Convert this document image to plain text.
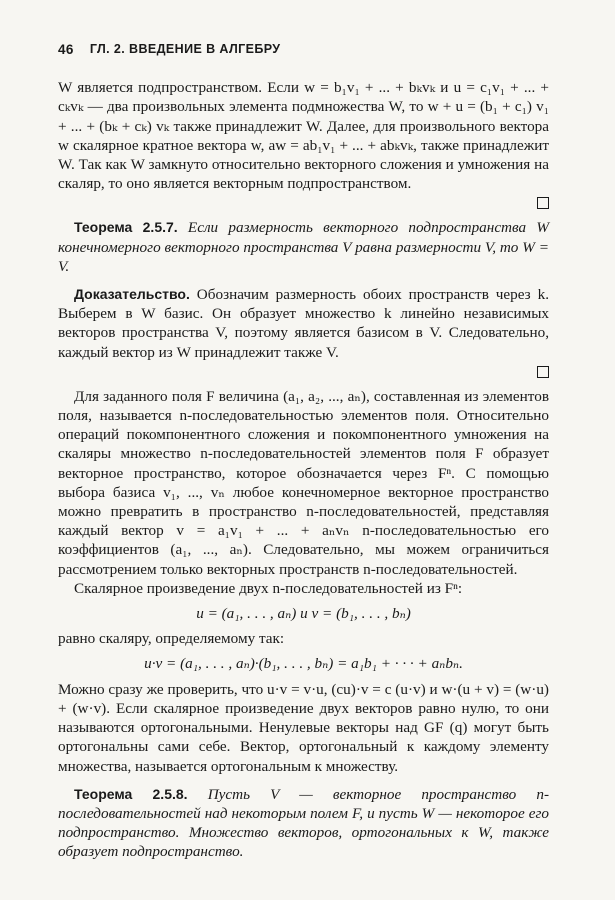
46 ГЛ. 2. ВВЕДЕНИЕ В АЛГЕБРУ

W является подпространством. Если w = b₁v₁ + ... + bₖvₖ и u = c₁v₁ + ... + cₖvₖ — два произвольных элемента подмножества W, то w + u = (b₁ + c₁) v₁ + ... + (bₖ + cₖ) vₖ также принадлежит W. Далее, для произвольного вектора w скалярное кратное вектора w, aw = ab₁v₁ + ... + abₖvₖ, также принадлежит W. Так как W замкнуто относительно векторного сложения и умножения на скаляр, то оно является векторным подпространством.

Теорема 2.5.7. Если размерность векторного подпространства W конечномерного векторного пространства V равна размерности V, то W = V.

Доказательство. Обозначим размерность обоих пространств через k. Выберем в W базис. Он образует множество k линейно независимых векторов пространства V, поэтому является базисом в V. Следовательно, каждый вектор из W принадлежит также V.

Для заданного поля F величина (a₁, a₂, ..., aₙ), составленная из элементов поля, называется n-последовательностью элементов поля. Относительно операций покомпонентного сложения и покомпонентного умножения на скаляры множество n-последовательностей элементов поля F образует векторное пространство, которое обозначается через Fⁿ. С помощью выбора базиса v₁, ..., vₙ любое конечномерное векторное пространство можно превратить в пространство n-последовательностей, представляя каждый вектор v = a₁v₁ + ... + aₙvₙ n-последовательностью его коэффициентов (a₁, ..., aₙ). Следовательно, мы можем ограничиться рассмотрением только векторных пространств n-последовательностей.

Скалярное произведение двух n-последовательностей из Fⁿ:

u = (a₁, . . . , aₙ) и v = (b₁, . . . , bₙ)

равно скаляру, определяемому так:

u·v = (a₁, . . . , aₙ)·(b₁, . . . , bₙ) = a₁b₁ + · · · + aₙbₙ.

Можно сразу же проверить, что u·v = v·u, (cu)·v = c (u·v) и w·(u + v) = (w·u) + (w·v). Если скалярное произведение двух векторов равно нулю, то они называются ортогональными. Ненулевые векторы над GF (q) могут быть ортогональны сами себе. Вектор, ортогональный к каждому элементу множества, называется ортогональным к множеству.

Теорема 2.5.8. Пусть V — векторное пространство n-последовательностей над некоторым полем F, и пусть W — некоторое его подпространство. Множество векторов, ортогональных к W, также образует подпространство.
